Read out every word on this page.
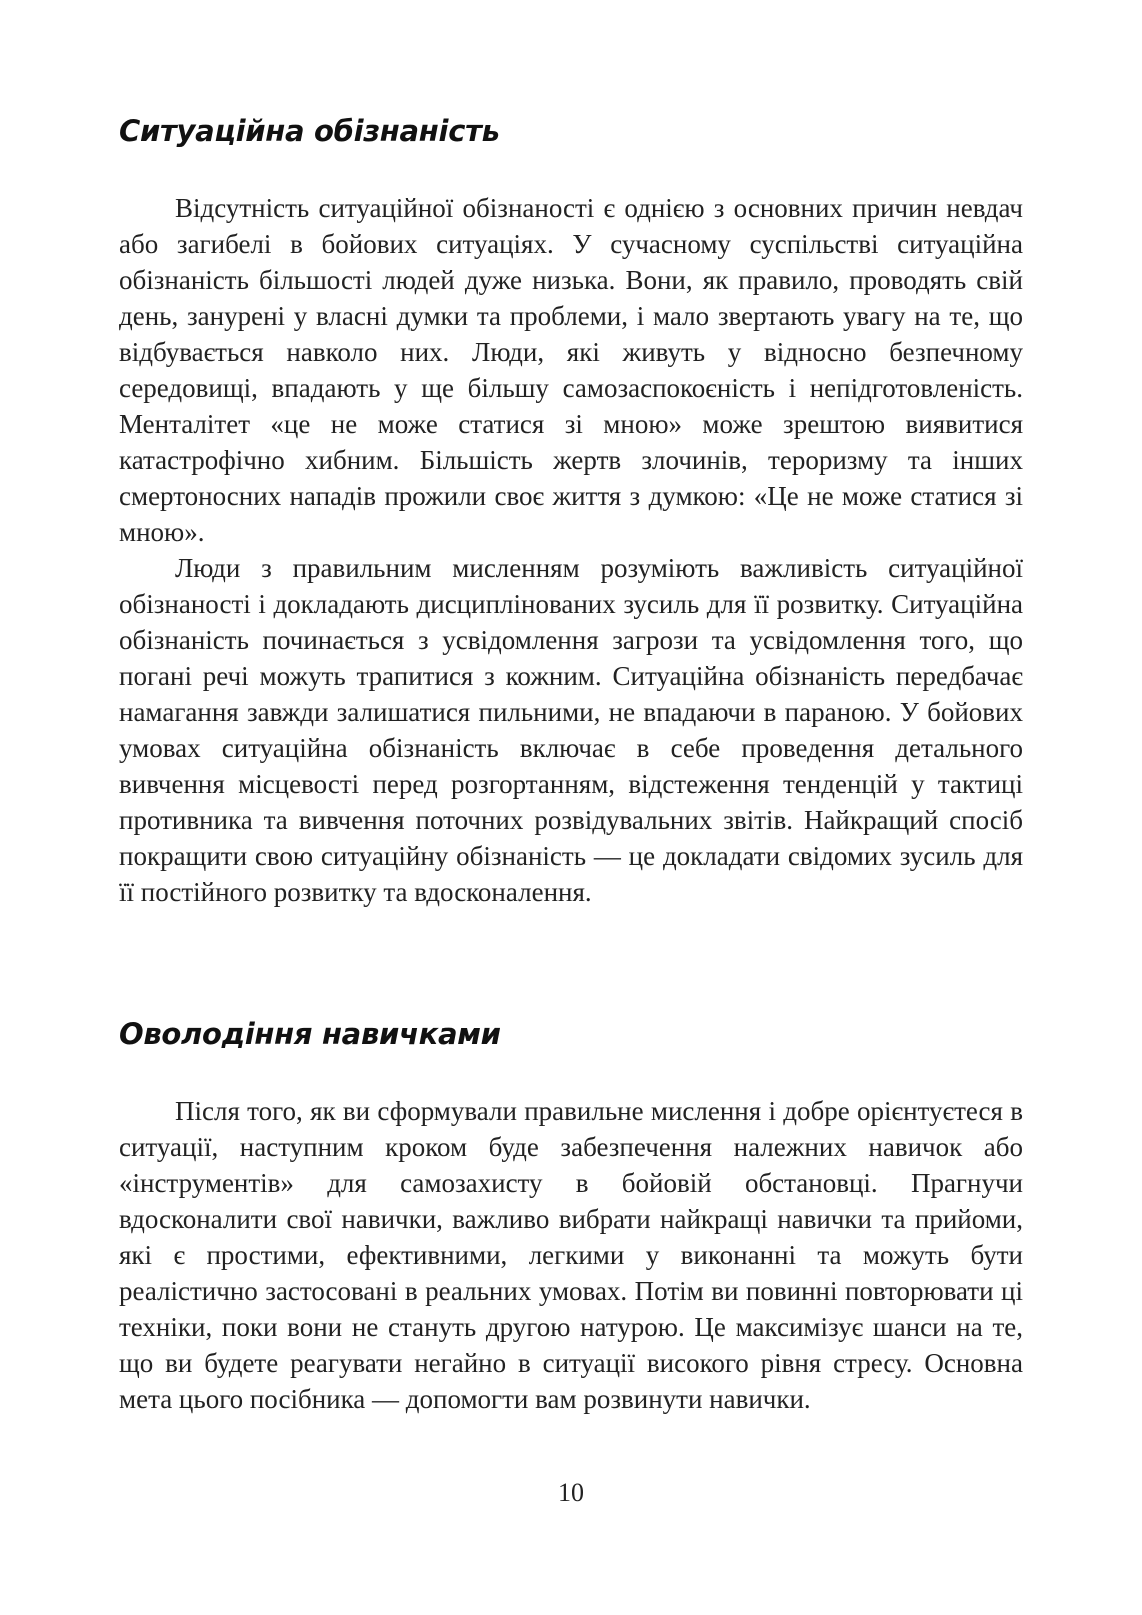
Ситуаційна обізнаність

Відсутність ситуаційної обізнаності є однією з основних причин невдач або загибелі в бойових ситуаціях. У сучасному суспільстві ситуаційна обізнаність більшості людей дуже низька. Вони, як правило, проводять свій день, занурені у власні думки та проблеми, і мало звертають увагу на те, що відбувається навколо них. Люди, які живуть у відносно безпечному середовищі, впадають у ще більшу самозаспокоєність і непідготовленість. Менталітет «це не може статися зі мною» може зрештою виявитися катастрофічно хибним. Більшість жертв злочинів, тероризму та інших смертоносних нападів прожили своє життя з думкою: «Це не може статися зі мною».

Люди з правильним мисленням розуміють важливість ситуаційної обізнаності і докладають дисциплінованих зусиль для її розвитку. Ситуаційна обізнаність починається з усвідомлення загрози та усвідомлення того, що погані речі можуть трапитися з кожним. Ситуаційна обізнаність передбачає намагання завжди залишатися пильними, не впадаючи в параною. У бойових умовах ситуаційна обізнаність включає в себе проведення детального вивчення місцевості перед розгортанням, відстеження тенденцій у тактиці противника та вивчення поточних розвідувальних звітів. Найкращий спосіб покращити свою ситуаційну обізнаність — це докладати свідомих зусиль для її постійного розвитку та вдосконалення.

Оволодіння навичками

Після того, як ви сформували правильне мислення і добре орієнтуєтеся в ситуації, наступним кроком буде забезпечення належних навичок або «інструментів» для самозахисту в бойовій обстановці. Прагнучи вдосконалити свої навички, важливо вибрати найкращі навички та прийоми, які є простими, ефективними, легкими у виконанні та можуть бути реалістично застосовані в реальних умовах. Потім ви повинні повторювати ці техніки, поки вони не стануть другою натурою. Це максимізує шанси на те, що ви будете реагувати негайно в ситуації високого рівня стресу. Основна мета цього посібника — допомогти вам розвинути навички.

10
